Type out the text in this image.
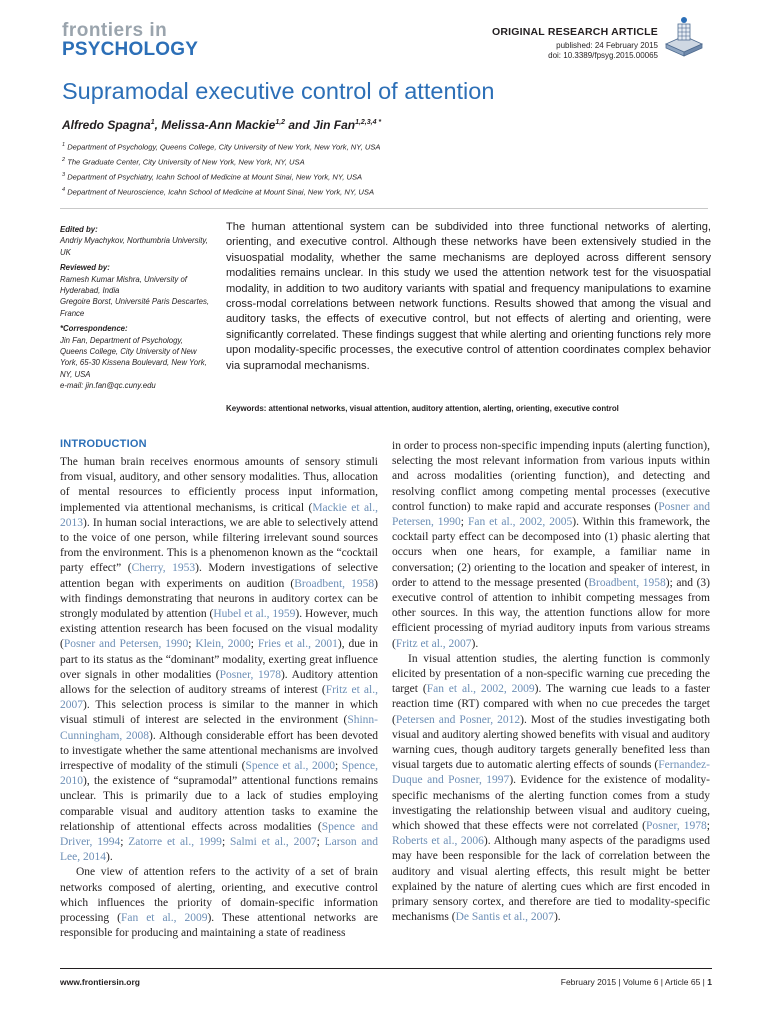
frontiers in
PSYCHOLOGY
ORIGINAL RESEARCH ARTICLE
published: 24 February 2015
doi: 10.3389/fpsyg.2015.00065
Supramodal executive control of attention
Alfredo Spagna$^1$, Melissa-Ann Mackie$^{1,2}$ and Jin Fan$^{1,2,3,4 *}$
$^1$ Department of Psychology, Queens College, City University of New York, New York, NY, USA
$^2$ The Graduate Center, City University of New York, New York, NY, USA
$^3$ Department of Psychiatry, Icahn School of Medicine at Mount Sinai, New York, NY, USA
$^4$ Department of Neuroscience, Icahn School of Medicine at Mount Sinai, New York, NY, USA
Edited by:
Andriy Myachykov, Northumbria University, UK
Reviewed by:
Ramesh Kumar Mishra, University of Hyderabad, India
Gregoire Borst, Université Paris Descartes, France
*Correspondence:
Jin Fan, Department of Psychology, Queens College, City University of New York, 65-30 Kissena Boulevard, New York, NY, USA
e-mail: jin.fan@qc.cuny.edu
The human attentional system can be subdivided into three functional networks of alerting, orienting, and executive control. Although these networks have been extensively studied in the visuospatial modality, whether the same mechanisms are deployed across different sensory modalities remains unclear. In this study we used the attention network test for the visuospatial modality, in addition to two auditory variants with spatial and frequency manipulations to examine cross-modal correlations between network functions. Results showed that among the visual and auditory tasks, the effects of executive control, but not effects of alerting and orienting, were significantly correlated. These findings suggest that while alerting and orienting functions rely more upon modality-specific processes, the executive control of attention coordinates complex behavior via supramodal mechanisms.
Keywords: attentional networks, visual attention, auditory attention, alerting, orienting, executive control
INTRODUCTION

The human brain receives enormous amounts of sensory stimuli from visual, auditory, and other sensory modalities. Thus, allocation of mental resources to efficiently process input information, implemented via attentional mechanisms, is critical (Mackie et al., 2013). In human social interactions, we are able to selectively attend to the voice of one person, while filtering irrelevant sound sources from the environment. This is a phenomenon known as the “cocktail party effect” (Cherry, 1953). Modern investigations of selective attention began with experiments on audition (Broadbent, 1958) with findings demonstrating that neurons in auditory cortex can be strongly modulated by attention (Hubel et al., 1959). However, much existing attention research has been focused on the visual modality (Posner and Petersen, 1990; Klein, 2000; Fries et al., 2001), due in part to its status as the “dominant” modality, exerting great influence over signals in other modalities (Posner, 1978). Auditory attention allows for the selection of auditory streams of interest (Fritz et al., 2007). This selection process is similar to the manner in which visual stimuli of interest are selected in the environment (Shinn-Cunningham, 2008). Although considerable effort has been devoted to investigate whether the same attentional mechanisms are involved irrespective of modality of the stimuli (Spence et al., 2000; Spence, 2010), the existence of “supramodal” attentional functions remains unclear. This is primarily due to a lack of studies employing comparable visual and auditory attention tasks to examine the relationship of attentional effects across modalities (Spence and Driver, 1994; Zatorre et al., 1999; Salmi et al., 2007; Larson and Lee, 2014).

One view of attention refers to the activity of a set of brain networks composed of alerting, orienting, and executive control which influences the priority of domain-specific information processing (Fan et al., 2009). These attentional networks are responsible for producing and maintaining a state of readiness

in order to process non-specific impending inputs (alerting function), selecting the most relevant information from various inputs within and across modalities (orienting function), and detecting and resolving conflict among competing mental processes (executive control function) to make rapid and accurate responses (Posner and Petersen, 1990; Fan et al., 2002, 2005). Within this framework, the cocktail party effect can be decomposed into (1) phasic alerting that occurs when one hears, for example, a familiar name in conversation; (2) orienting to the location and speaker of interest, in order to attend to the message presented (Broadbent, 1958); and (3) executive control of attention to inhibit competing messages from other sources. In this way, the attention functions allow for more efficient processing of myriad auditory inputs from various streams (Fritz et al., 2007).

In visual attention studies, the alerting function is commonly elicited by presentation of a non-specific warning cue preceding the target (Fan et al., 2002, 2009). The warning cue leads to a faster reaction time (RT) compared with when no cue precedes the target (Petersen and Posner, 2012). Most of the studies investigating both visual and auditory alerting showed benefits with visual and auditory warning cues, though auditory targets generally benefited less than visual targets due to automatic alerting effects of sounds (Fernandez-Duque and Posner, 1997). Evidence for the existence of modality-specific mechanisms of the alerting function comes from a study investigating the relationship between visual and auditory cueing, which showed that these effects were not correlated (Posner, 1978; Roberts et al., 2006). Although many aspects of the paradigms used may have been responsible for the lack of correlation between the auditory and visual alerting effects, this result might be better explained by the nature of alerting cues which are first encoded in primary sensory cortex, and therefore are tied to modality-specific mechanisms (De Santis et al., 2007).

www.frontiersin.org	February 2015 | Volume 6 | Article 65 | 1
